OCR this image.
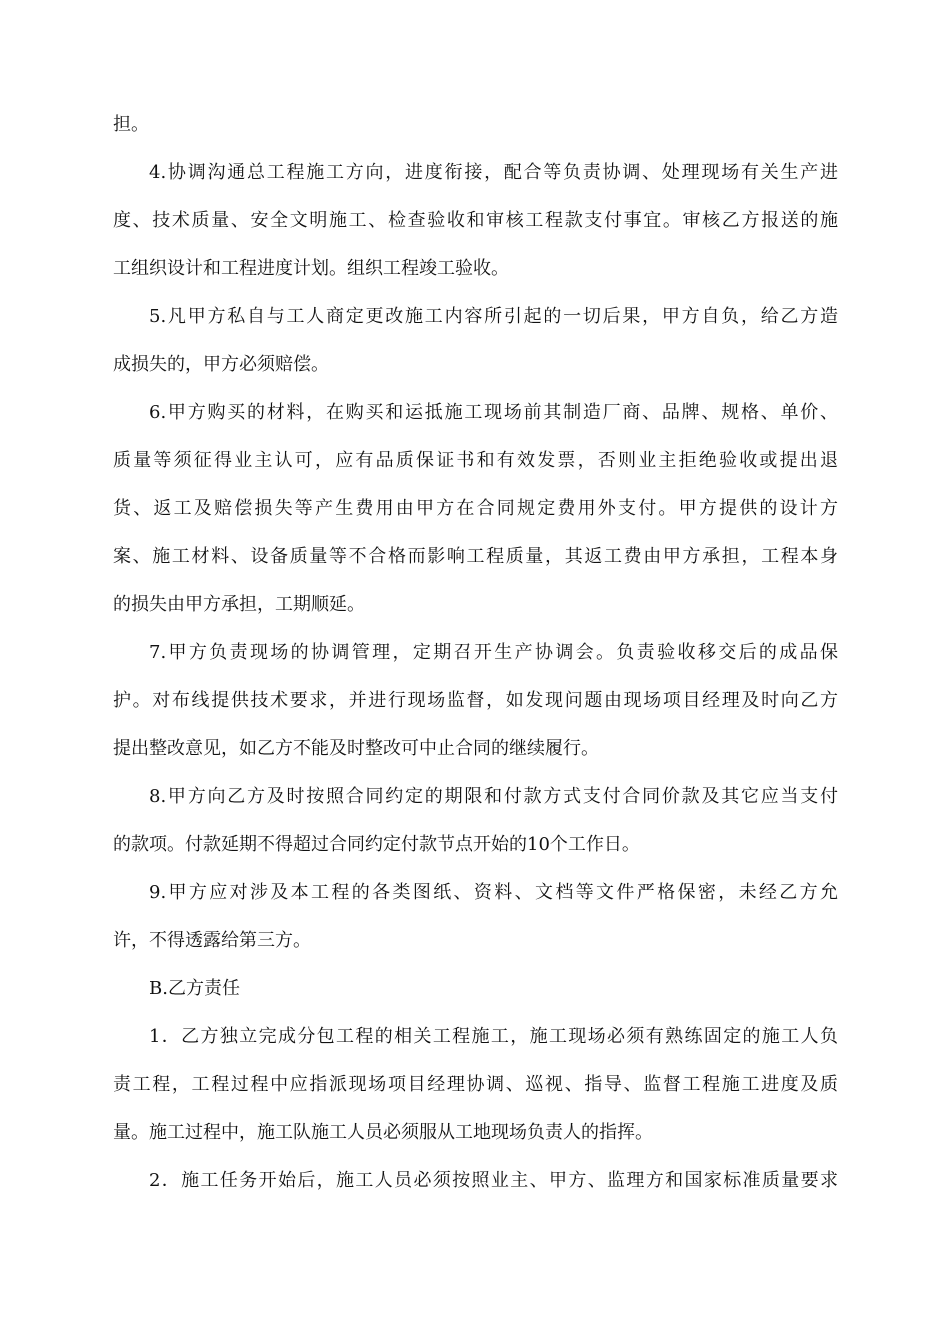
担。
4.协调沟通总工程施工方向，进度衔接，配合等负责协调、处理现场有关生产进
度、技术质量、安全文明施工、检查验收和审核工程款支付事宜。审核乙方报送的施
工组织设计和工程进度计划。组织工程竣工验收。
5.凡甲方私自与工人商定更改施工内容所引起的一切后果，甲方自负，给乙方造
成损失的，甲方必须赔偿。
6.甲方购买的材料，在购买和运抵施工现场前其制造厂商、品牌、规格、单价、
质量等须征得业主认可，应有品质保证书和有效发票，否则业主拒绝验收或提出退
货、返工及赔偿损失等产生费用由甲方在合同规定费用外支付。甲方提供的设计方
案、施工材料、设备质量等不合格而影响工程质量，其返工费由甲方承担，工程本身
的损失由甲方承担，工期顺延。
7.甲方负责现场的协调管理，定期召开生产协调会。负责验收移交后的成品保
护。对布线提供技术要求，并进行现场监督，如发现问题由现场项目经理及时向乙方
提出整改意见，如乙方不能及时整改可中止合同的继续履行。
8.甲方向乙方及时按照合同约定的期限和付款方式支付合同价款及其它应当支付
的款项。付款延期不得超过合同约定付款节点开始的10个工作日。
9.甲方应对涉及本工程的各类图纸、资料、文档等文件严格保密，未经乙方允
许，不得透露给第三方。
B.乙方责任
1．乙方独立完成分包工程的相关工程施工，施工现场必须有熟练固定的施工人负
责工程，工程过程中应指派现场项目经理协调、巡视、指导、监督工程施工进度及质
量。施工过程中，施工队施工人员必须服从工地现场负责人的指挥。
2．施工任务开始后，施工人员必须按照业主、甲方、监理方和国家标准质量要求
